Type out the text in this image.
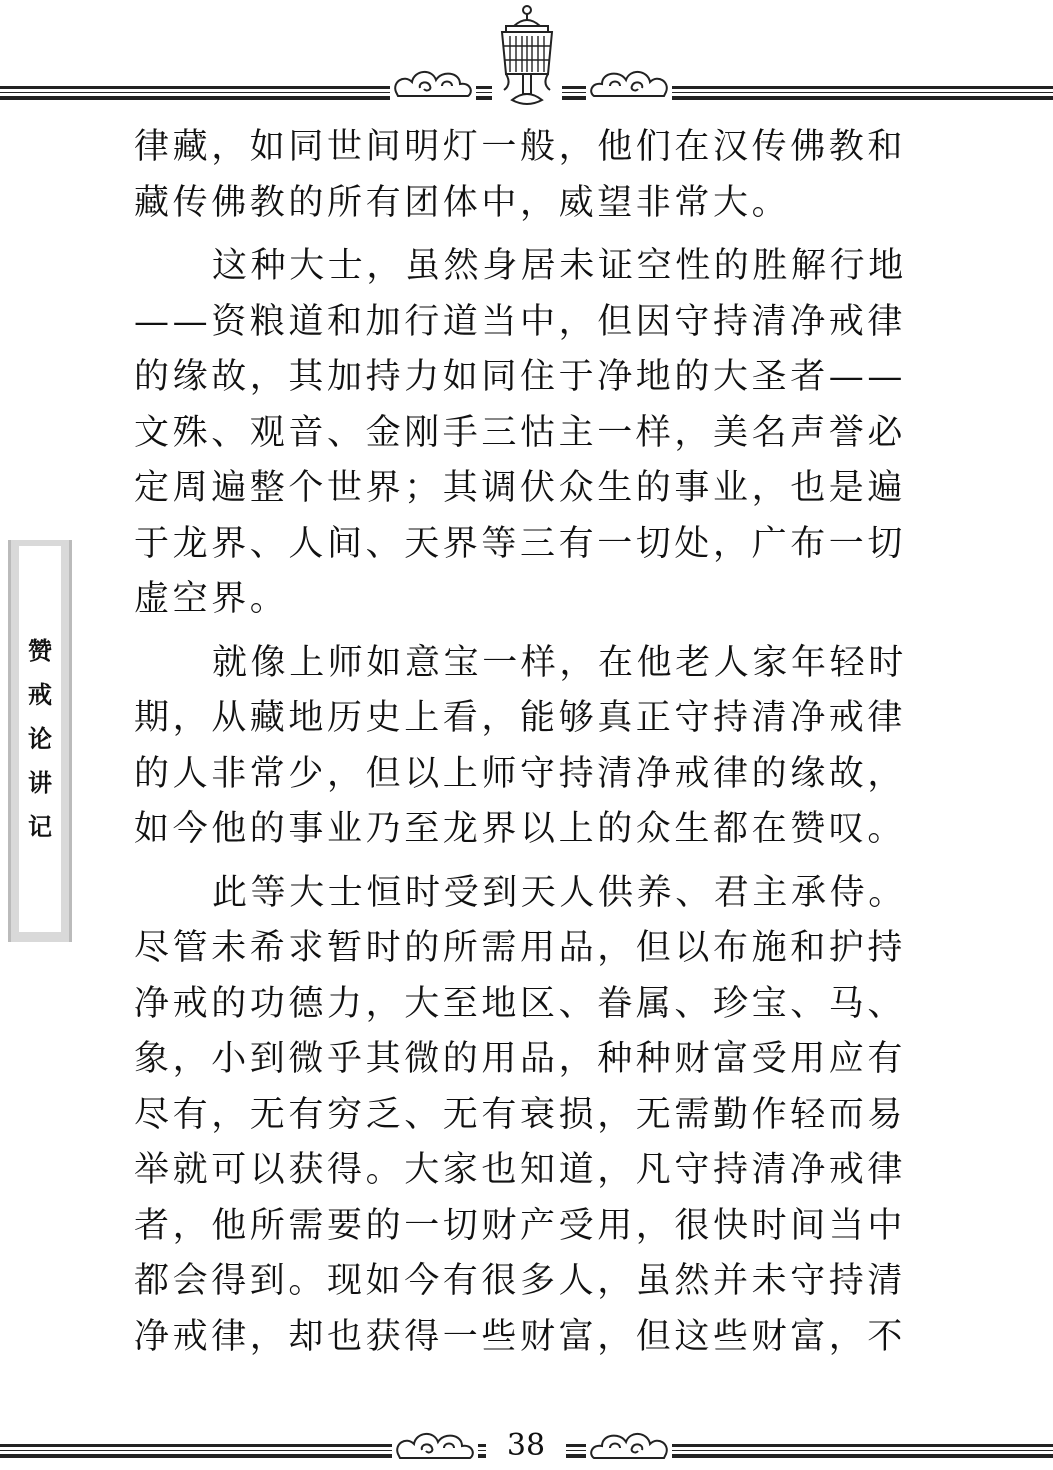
赞
戒
论
讲
记
律藏，如同世间明灯一般，他们在汉传佛教和
藏传佛教的所有团体中，威望非常大。
这种大士，虽然身居未证空性的胜解行地
——资粮道和加行道当中，但因守持清净戒律
的缘故，其加持力如同住于净地的大圣者——
文殊、观音、金刚手三怙主一样，美名声誉必
定周遍整个世界；其调伏众生的事业，也是遍
于龙界、人间、天界等三有一切处，广布一切
虚空界。
就像上师如意宝一样，在他老人家年轻时
期，从藏地历史上看，能够真正守持清净戒律
的人非常少，但以上师守持清净戒律的缘故，
如今他的事业乃至龙界以上的众生都在赞叹。
此等大士恒时受到天人供养、君主承侍。
尽管未希求暂时的所需用品，但以布施和护持
净戒的功德力，大至地区、眷属、珍宝、马、
象，小到微乎其微的用品，种种财富受用应有
尽有，无有穷乏、无有衰损，无需勤作轻而易
举就可以获得。大家也知道，凡守持清净戒律
者，他所需要的一切财产受用，很快时间当中
都会得到。现如今有很多人，虽然并未守持清
净戒律，却也获得一些财富，但这些财富，不
38
